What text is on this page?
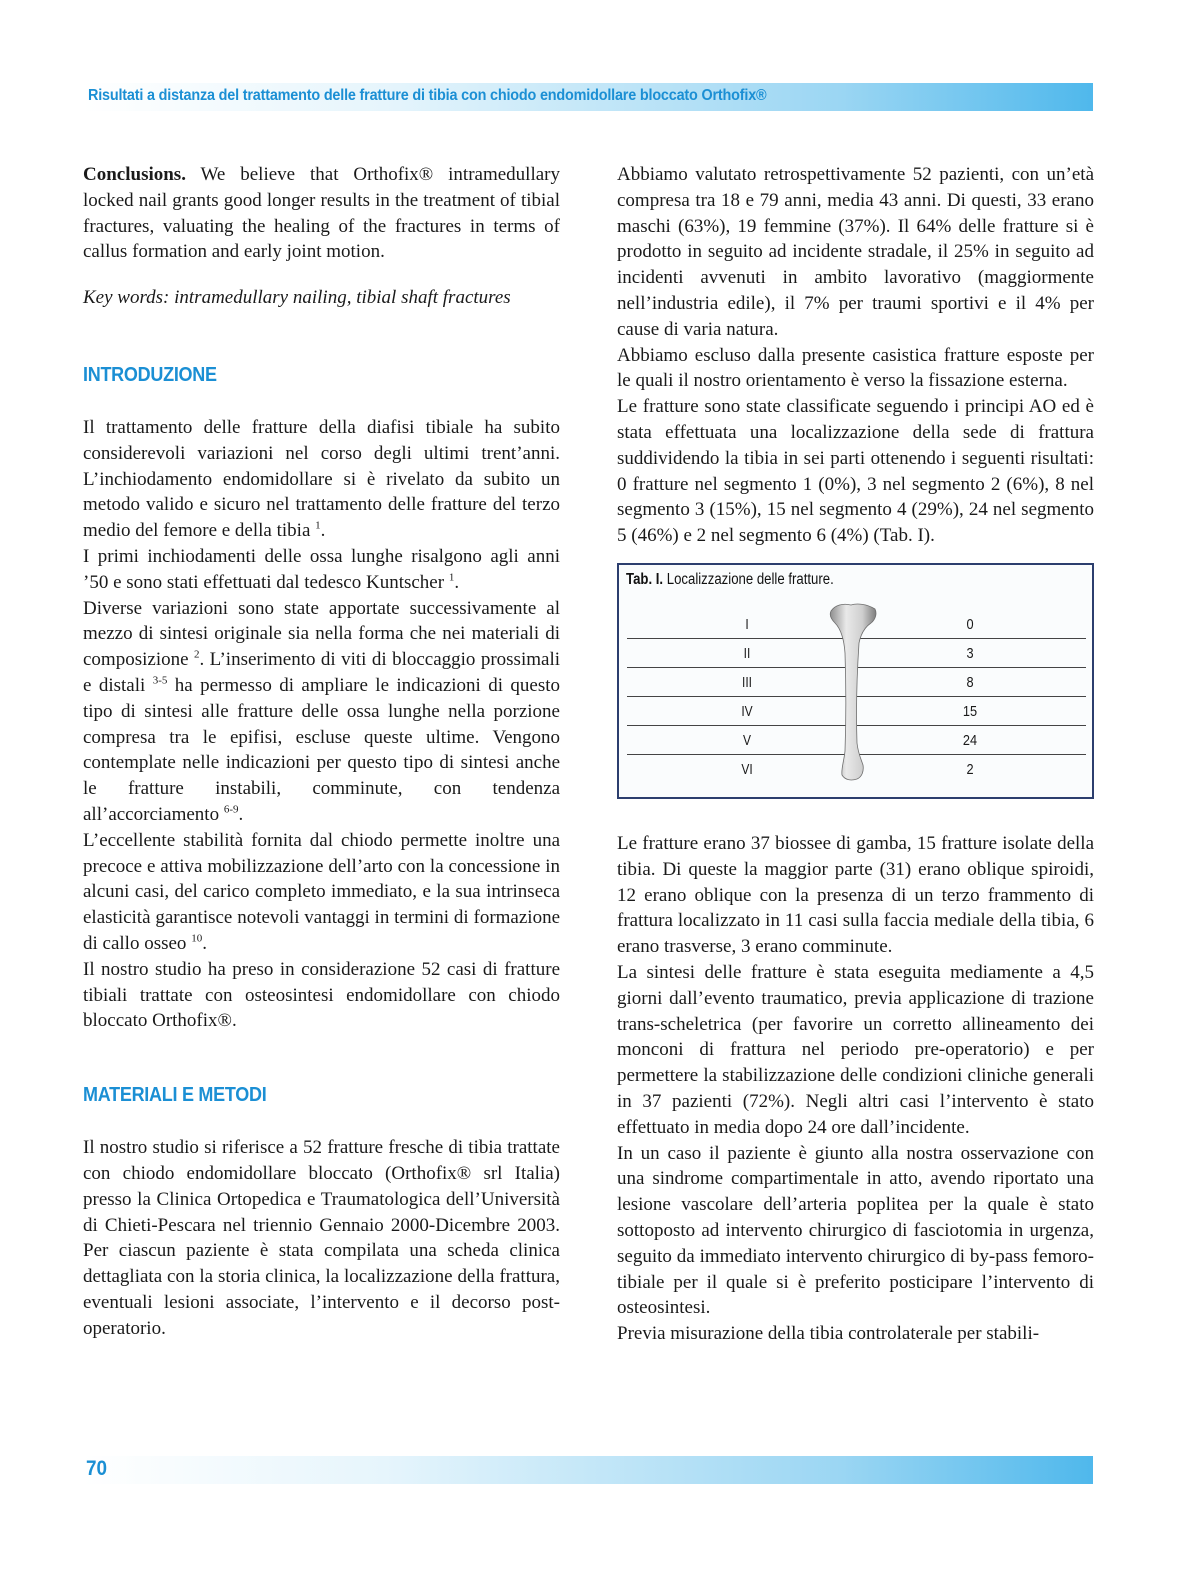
Risultati a distanza del trattamento delle fratture di tibia con chiodo endomidollare bloccato Orthofix®

Conclusions. We believe that Orthofix® intramedullary locked nail grants good longer results in the treatment of tibial fractures, valuating the healing of the fractures in terms of callus formation and early joint motion.

Key words: intramedullary nailing, tibial shaft fractures

INTRODUZIONE

Il trattamento delle fratture della diafisi tibiale ha subito considerevoli variazioni nel corso degli ultimi trent’anni. L’inchiodamento endomidollare si è rivelato da subito un metodo valido e sicuro nel trattamento delle fratture del terzo medio del femore e della tibia $^1$.

I primi inchiodamenti delle ossa lunghe risalgono agli anni ’50 e sono stati effettuati dal tedesco Kuntscher $^1$.

Diverse variazioni sono state apportate successivamente al mezzo di sintesi originale sia nella forma che nei materiali di composizione $^2$. L’inserimento di viti di bloccaggio prossimali e distali $^{3-5}$ ha permesso di ampliare le indicazioni di questo tipo di sintesi alle fratture delle ossa lunghe nella porzione compresa tra le epifisi, escluse queste ultime. Vengono contemplate nelle indicazioni per questo tipo di sintesi anche le fratture instabili, comminute, con tendenza all’accorciamento $^{6-9}$.

L’eccellente stabilità fornita dal chiodo permette inoltre una precoce e attiva mobilizzazione dell’arto con la concessione in alcuni casi, del carico completo immediato, e la sua intrinseca elasticità garantisce notevoli vantaggi in termini di formazione di callo osseo $^{10}$.

Il nostro studio ha preso in considerazione 52 casi di fratture tibiali trattate con osteosintesi endomidollare con chiodo bloccato Orthofix®.

MATERIALI E METODI

Il nostro studio si riferisce a 52 fratture fresche di tibia trattate con chiodo endomidollare bloccato (Orthofix® srl Italia) presso la Clinica Ortopedica e Traumatologica dell’Università di Chieti-Pescara nel triennio Gennaio 2000-Dicembre 2003. Per ciascun paziente è stata compilata una scheda clinica dettagliata con la storia clinica, la localizzazione della frattura, eventuali lesioni associate, l’intervento e il decorso post-operatorio.

Abbiamo valutato retrospettivamente 52 pazienti, con un’età compresa tra 18 e 79 anni, media 43 anni. Di questi, 33 erano maschi (63%), 19 femmine (37%). Il 64% delle fratture si è prodotto in seguito ad incidente stradale, il 25% in seguito ad incidenti avvenuti in ambito lavorativo (maggiormente nell’industria edile), il 7% per traumi sportivi e il 4% per cause di varia natura.

Abbiamo escluso dalla presente casistica fratture esposte per le quali il nostro orientamento è verso la fissazione esterna.

Le fratture sono state classificate seguendo i principi AO ed è stata effettuata una localizzazione della sede di frattura suddividendo la tibia in sei parti ottenendo i seguenti risultati: 0 fratture nel segmento 1 (0%), 3 nel segmento 2 (6%), 8 nel segmento 3 (15%), 15 nel segmento 4 (29%), 24 nel segmento 5 (46%) e 2 nel segmento 6 (4%) (Tab. I).

Tab. I. Localizzazione delle fratture.
I	0
II	3
III	8
IV	15
V	24
VI	2

Le fratture erano 37 biossee di gamba, 15 fratture isolate della tibia. Di queste la maggior parte (31) erano oblique spiroidi, 12 erano oblique con la presenza di un terzo frammento di frattura localizzato in 11 casi sulla faccia mediale della tibia, 6 erano trasverse, 3 erano comminute.

La sintesi delle fratture è stata eseguita mediamente a 4,5 giorni dall’evento traumatico, previa applicazione di trazione trans-scheletrica (per favorire un corretto allineamento dei monconi di frattura nel periodo pre-operatorio) e per permettere la stabilizzazione delle condizioni cliniche generali in 37 pazienti (72%). Negli altri casi l’intervento è stato effettuato in media dopo 24 ore dall’incidente.

In un caso il paziente è giunto alla nostra osservazione con una sindrome compartimentale in atto, avendo riportato una lesione vascolare dell’arteria poplitea per la quale è stato sottoposto ad intervento chirurgico di fasciotomia in urgenza, seguito da immediato intervento chirurgico di by-pass femoro-tibiale per il quale si è preferito posticipare l’intervento di osteosintesi.

Previa misurazione della tibia controlaterale per stabili-

70
